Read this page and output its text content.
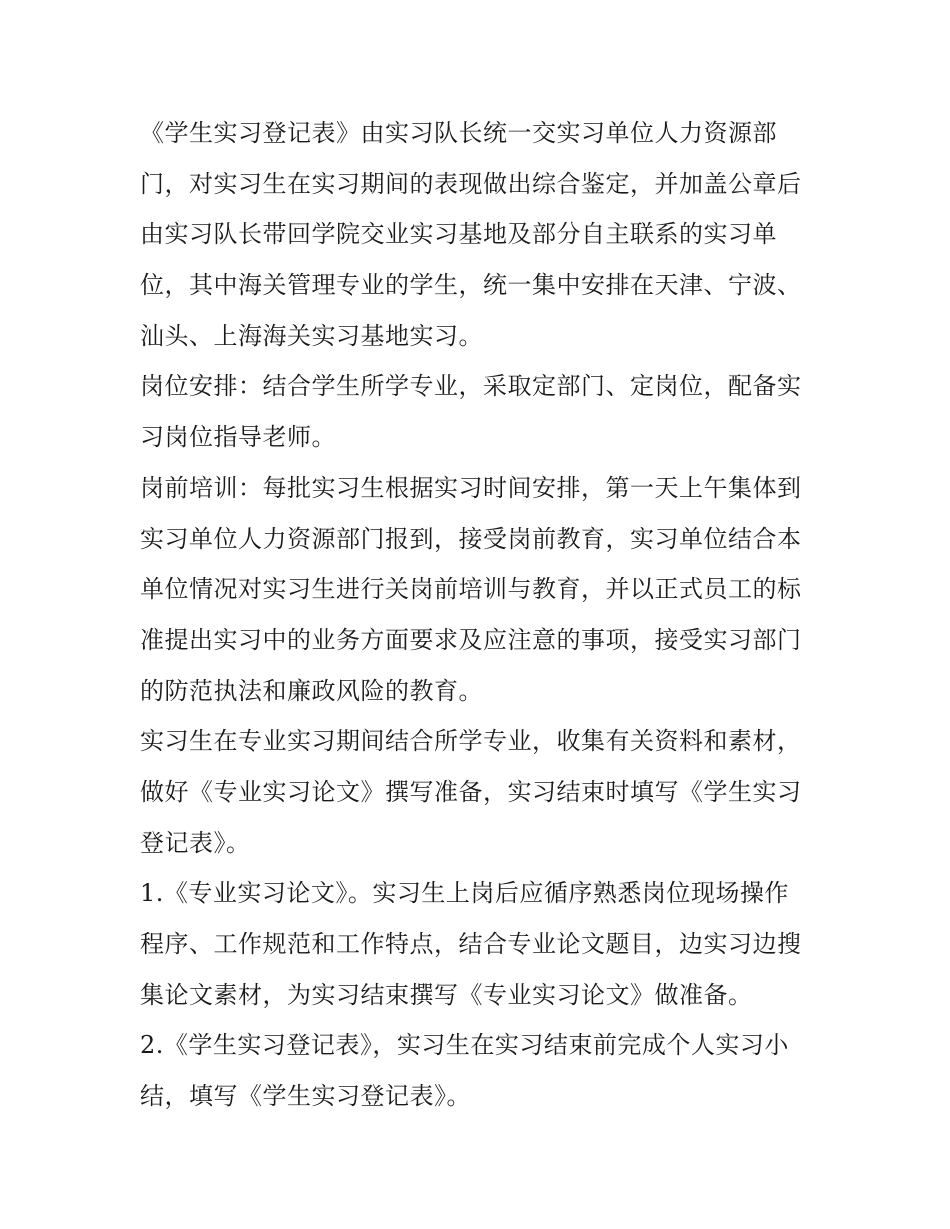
《学生实习登记表》由实习队长统一交实习单位人力资源部
门，对实习生在实习期间的表现做出综合鉴定，并加盖公章后
由实习队长带回学院交业实习基地及部分自主联系的实习单
位，其中海关管理专业的学生，统一集中安排在天津、宁波、
汕头、上海海关实习基地实习。

岗位安排：结合学生所学专业，采取定部门、定岗位，配备实
习岗位指导老师。

岗前培训：每批实习生根据实习时间安排，第一天上午集体到
实习单位人力资源部门报到，接受岗前教育，实习单位结合本
单位情况对实习生进行关岗前培训与教育，并以正式员工的标
准提出实习中的业务方面要求及应注意的事项，接受实习部门
的防范执法和廉政风险的教育。

实习生在专业实习期间结合所学专业，收集有关资料和素材，
做好《专业实习论文》撰写准备，实习结束时填写《学生实习
登记表》。

1.《专业实习论文》。实习生上岗后应循序熟悉岗位现场操作
程序、工作规范和工作特点，结合专业论文题目，边实习边搜
集论文素材，为实习结束撰写《专业实习论文》做准备。

2.《学生实习登记表》，实习生在实习结束前完成个人实习小
结，填写《学生实习登记表》。
